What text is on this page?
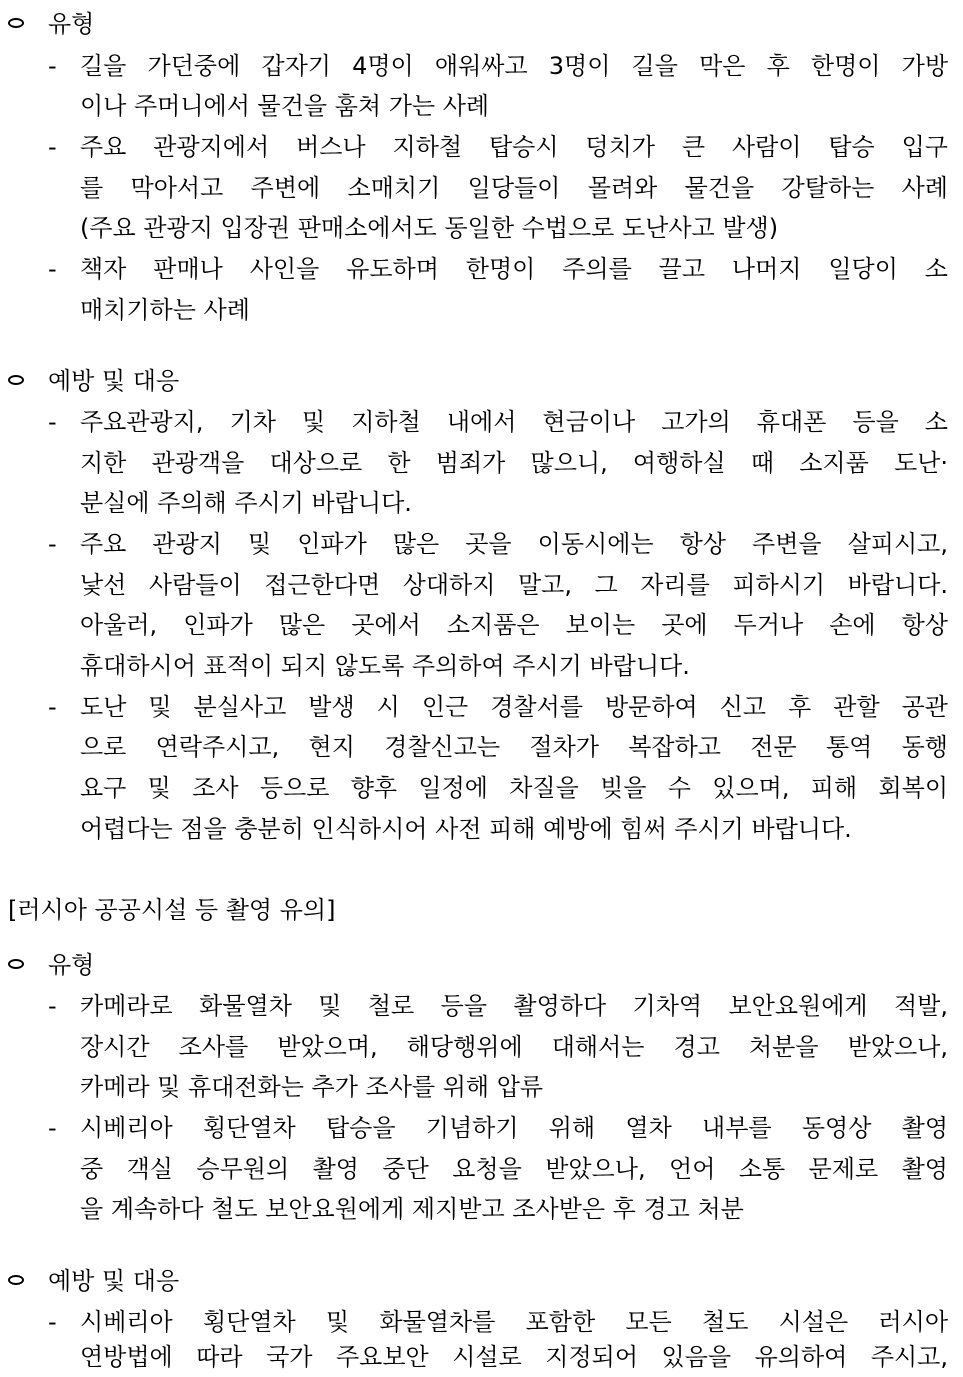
유형
- 길을 가던중에 갑자기 4명이 애워싸고 3명이 길을 막은 후 한명이 가방
이나 주머니에서 물건을 훔쳐 가는 사례
- 주요 관광지에서 버스나 지하철 탑승시 덩치가 큰 사람이 탑승 입구
를 막아서고 주변에 소매치기 일당들이 몰려와 물건을 강탈하는 사례
(주요 관광지 입장권 판매소에서도 동일한 수법으로 도난사고 발생)
- 책자 판매나 사인을 유도하며 한명이 주의를 끌고 나머지 일당이 소
매치기하는 사례
예방 및 대응
- 주요관광지, 기차 및 지하철 내에서 현금이나 고가의 휴대폰 등을 소
지한 관광객을 대상으로 한 범죄가 많으니, 여행하실 때 소지품 도난·
분실에 주의해 주시기 바랍니다.
- 주요 관광지 및 인파가 많은 곳을 이동시에는 항상 주변을 살피시고,
낯선 사람들이 접근한다면 상대하지 말고, 그 자리를 피하시기 바랍니다.
아울러, 인파가 많은 곳에서 소지품은 보이는 곳에 두거나 손에 항상
휴대하시어 표적이 되지 않도록 주의하여 주시기 바랍니다.
- 도난 및 분실사고 발생 시 인근 경찰서를 방문하여 신고 후 관할 공관
으로 연락주시고, 현지 경찰신고는 절차가 복잡하고 전문 통역 동행
요구 및 조사 등으로 향후 일정에 차질을 빚을 수 있으며, 피해 회복이
어렵다는 점을 충분히 인식하시어 사전 피해 예방에 힘써 주시기 바랍니다.
[러시아 공공시설 등 촬영 유의]
유형
- 카메라로 화물열차 및 철로 등을 촬영하다 기차역 보안요원에게 적발,
장시간 조사를 받았으며, 해당행위에 대해서는 경고 처분을 받았으나,
카메라 및 휴대전화는 추가 조사를 위해 압류
- 시베리아 횡단열차 탑승을 기념하기 위해 열차 내부를 동영상 촬영
중 객실 승무원의 촬영 중단 요청을 받았으나, 언어 소통 문제로 촬영
을 계속하다 철도 보안요원에게 제지받고 조사받은 후 경고 처분
예방 및 대응
- 시베리아 횡단열차 및 화물열차를 포함한 모든 철도 시설은 러시아
연방법에 따라 국가 주요보안 시설로 지정되어 있음을 유의하여 주시고,
